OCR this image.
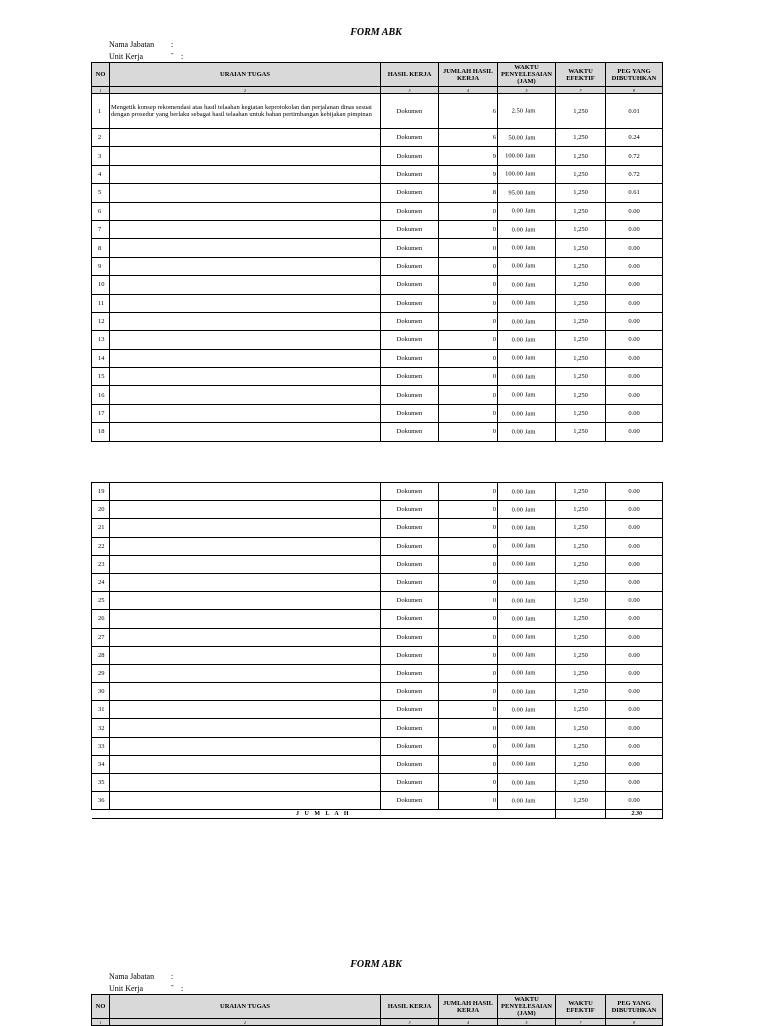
FORM ABK
Nama Jabatan : -
Unit Kerja	:
NO	URAIAN TUGAS	HASIL KERJA	JUMLAH HASIL KERJA	WAKTU PENYELESAIAN (JAM)	WAKTU EFEKTIF	PEG YANG DIBUTUHKAN
1	2	3	4	5	7	8
1	Mengetik konsep rekomendasi atas hasil telaahan kegiatan keprotokolan dan perjalanan dinas sesuai dengan prosedur yang berlaku sebagai hasil telaahan untuk bahan pertimbangan kebijakan pimpinan	Dokumen	6	2.50 Jam	1,250	0.01
2		Dokumen	6	50.00 Jam	1,250	0.24
3		Dokumen	9	100.00 Jam	1,250	0.72
4		Dokumen	9	100.00 Jam	1,250	0.72
5		Dokumen	8	95.00 Jam	1,250	0.61
6		Dokumen	0	0.00 Jam	1,250	0.00
7		Dokumen	0	0.00 Jam	1,250	0.00
8		Dokumen	0	0.00 Jam	1,250	0.00
9		Dokumen	0	0.00 Jam	1,250	0.00
10		Dokumen	0	0.00 Jam	1,250	0.00
11		Dokumen	0	0.00 Jam	1,250	0.00
12		Dokumen	0	0.00 Jam	1,250	0.00
13		Dokumen	0	0.00 Jam	1,250	0.00
14		Dokumen	0	0.00 Jam	1,250	0.00
15		Dokumen	0	0.00 Jam	1,250	0.00
16		Dokumen	0	0.00 Jam	1,250	0.00
17		Dokumen	0	0.00 Jam	1,250	0.00
18		Dokumen	0	0.00 Jam	1,250	0.00
19		Dokumen	0	0.00 Jam	1,250	0.00
20		Dokumen	0	0.00 Jam	1,250	0.00
21		Dokumen	0	0.00 Jam	1,250	0.00
22		Dokumen	0	0.00 Jam	1,250	0.00
23		Dokumen	0	0.00 Jam	1,250	0.00
24		Dokumen	0	0.00 Jam	1,250	0.00
25		Dokumen	0	0.00 Jam	1,250	0.00
26		Dokumen	0	0.00 Jam	1,250	0.00
27		Dokumen	0	0.00 Jam	1,250	0.00
28		Dokumen	0	0.00 Jam	1,250	0.00
29		Dokumen	0	0.00 Jam	1,250	0.00
30		Dokumen	0	0.00 Jam	1,250	0.00
31		Dokumen	0	0.00 Jam	1,250	0.00
32		Dokumen	0	0.00 Jam	1,250	0.00
33		Dokumen	0	0.00 Jam	1,250	0.00
34		Dokumen	0	0.00 Jam	1,250	0.00
35		Dokumen	0	0.00 Jam	1,250	0.00
36		Dokumen	0	0.00 Jam	1,250	0.00
J U M L A H						2.30
FORM ABK
Nama Jabatan : -
Unit Kerja	:
NO	URAIAN TUGAS	HASIL KERJA	JUMLAH HASIL KERJA	WAKTU PENYELESAIAN (JAM)	WAKTU EFEKTIF	PEG YANG DIBUTUHKAN
1	2	3	4	5	7	8
